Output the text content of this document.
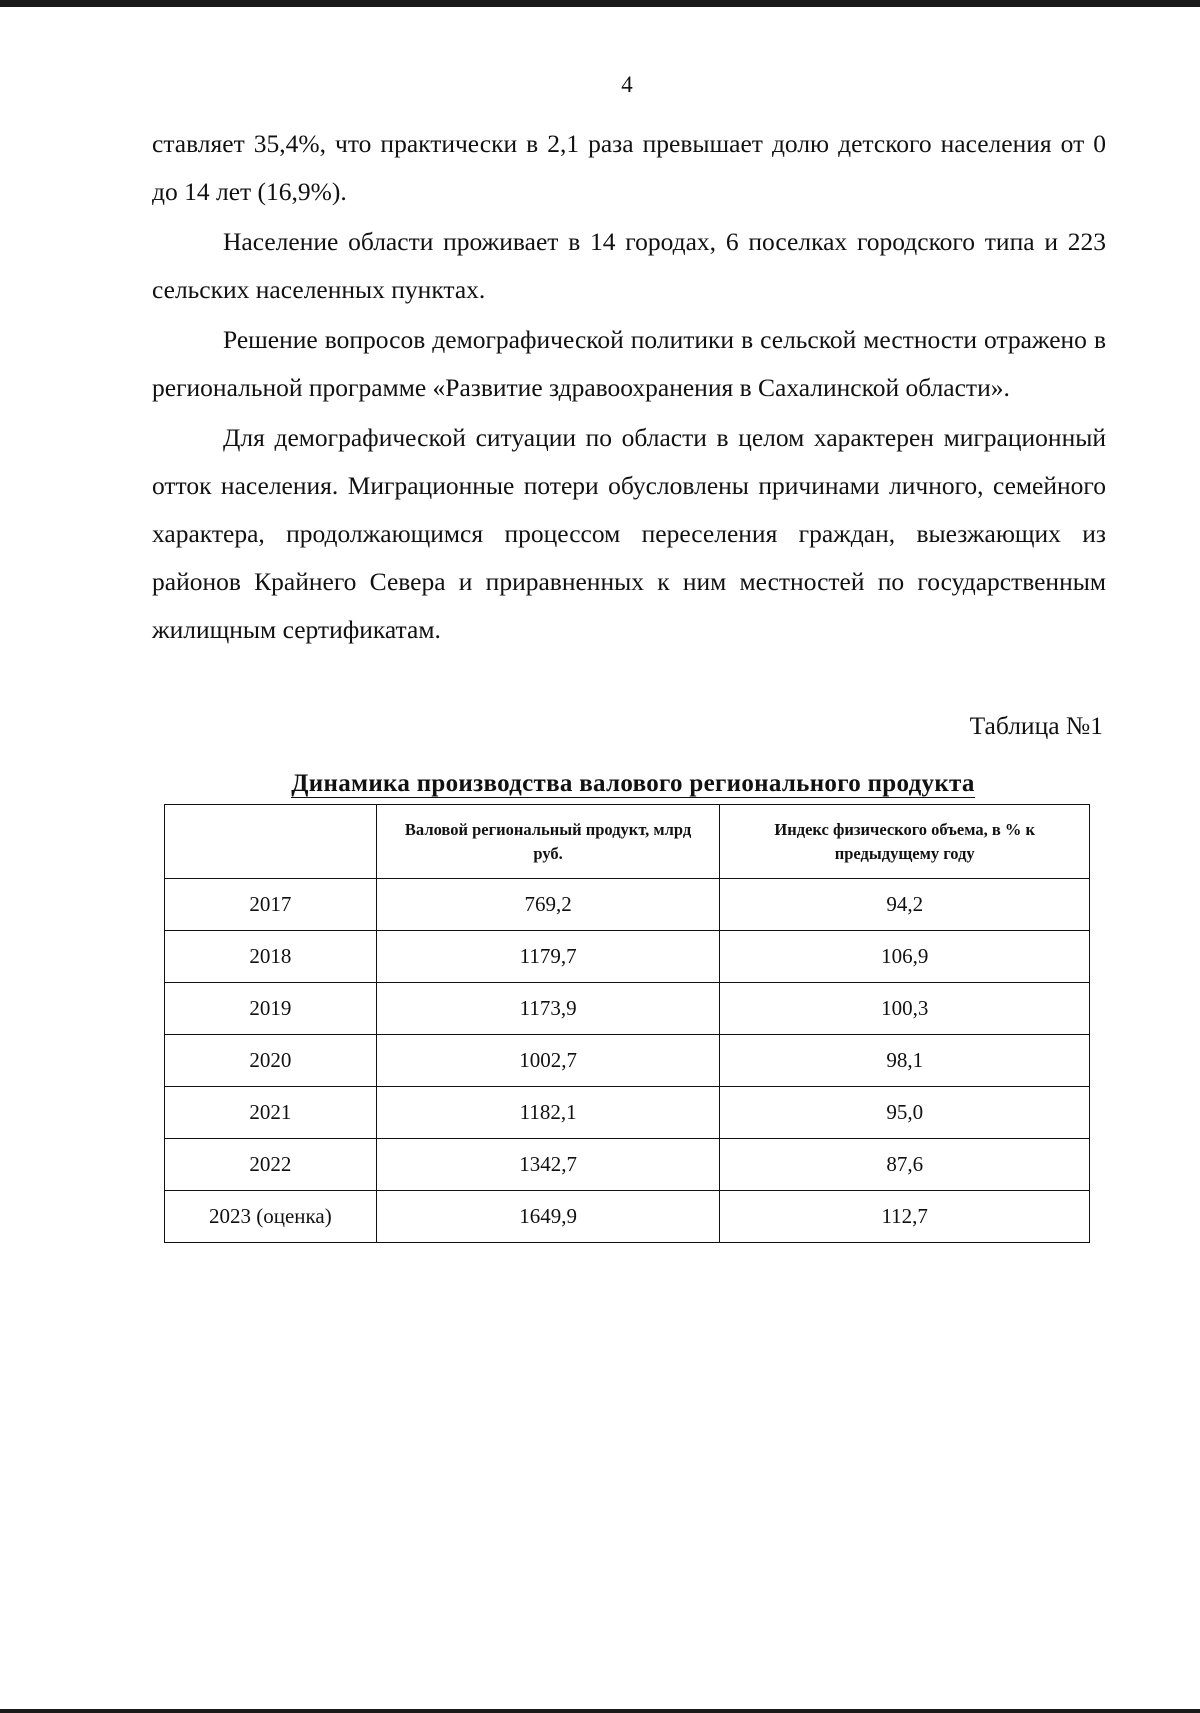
4

ставляет 35,4%, что практически в 2,1 раза превышает долю детского населения от 0 до 14 лет (16,9%).

Население области проживает в 14 городах, 6 поселках городского типа и 223 сельских населенных пунктах.

Решение вопросов демографической политики в сельской местности отражено в региональной программе «Развитие здравоохранения в Сахалинской области».

Для демографической ситуации по области в целом характерен миграционный отток населения. Миграционные потери обусловлены причинами личного, семейного характера, продолжающимся процессом переселения граждан, выезжающих из районов Крайнего Севера и приравненных к ним местностей по государственным жилищным сертификатам.

Таблица №1
Динамика производства валового регионального продукта
	Валовой региональный продукт, млрд руб.	Индекс физического объема, в % к предыдущему году
2017	769,2	94,2
2018	1179,7	106,9
2019	1173,9	100,3
2020	1002,7	98,1
2021	1182,1	95,0
2022	1342,7	87,6
2023 (оценка)	1649,9	112,7
